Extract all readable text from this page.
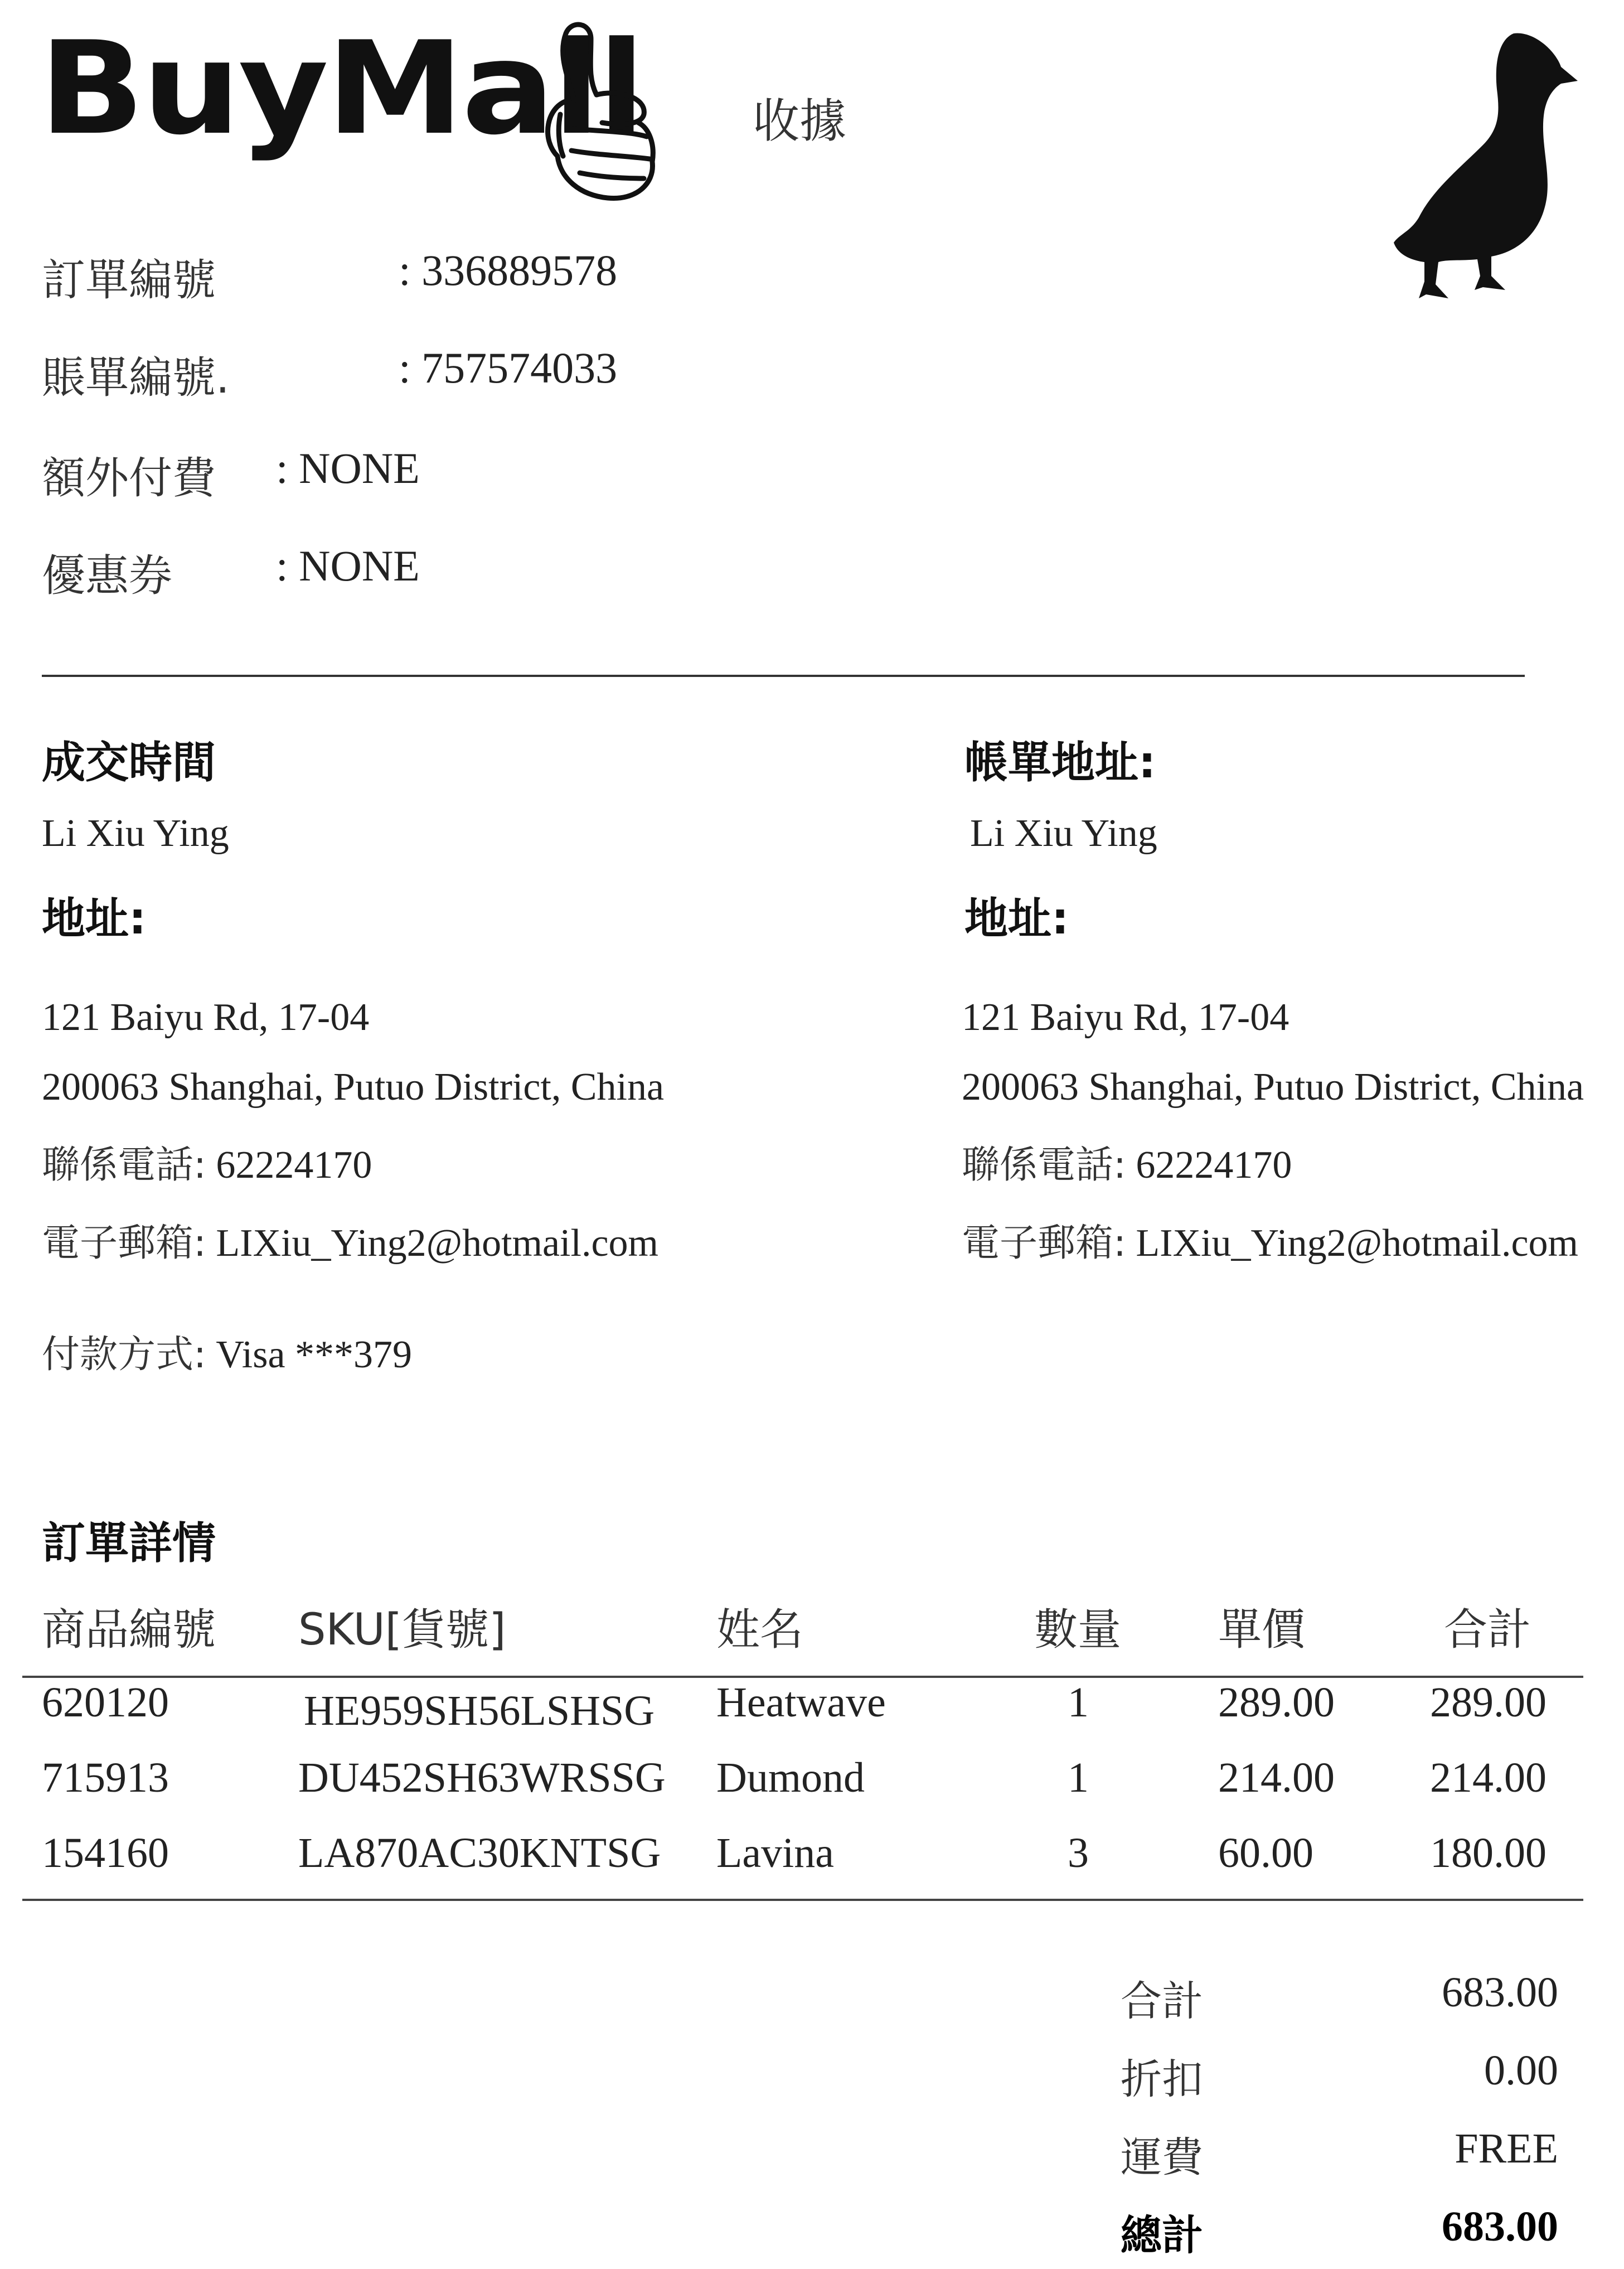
BuyMall 收據
訂單編號	: 336889578
賬單編號.	: 757574033
額外付費 : NONE
優惠券 : NONE
成交時間
Li Xiu Ying
地址:
121 Baiyu Rd, 17-04
200063 Shanghai, Putuo District, China
聯係電話: 62224170
電子郵箱: LIXiu_Ying2@hotmail.com
帳單地址:
Li Xiu Ying
地址:
121 Baiyu Rd, 17-04
200063 Shanghai, Putuo District, China
聯係電話: 62224170
電子郵箱: LIXiu_Ying2@hotmail.com
付款方式: Visa ***379
訂單詳情
商品編號 SKU[貨號]	姓名	數量 單價	合計
620120	HE959SH56LSHSG Heatwave	1	289.00 289.00
715913	DU452SH63WRSSG Dumond	1	214.00 214.00
154160	LA870AC30KNTSG Lavina	3	60.00	180.00
合計	683.00
折扣	0.00
運費	FREE
總計	683.00
